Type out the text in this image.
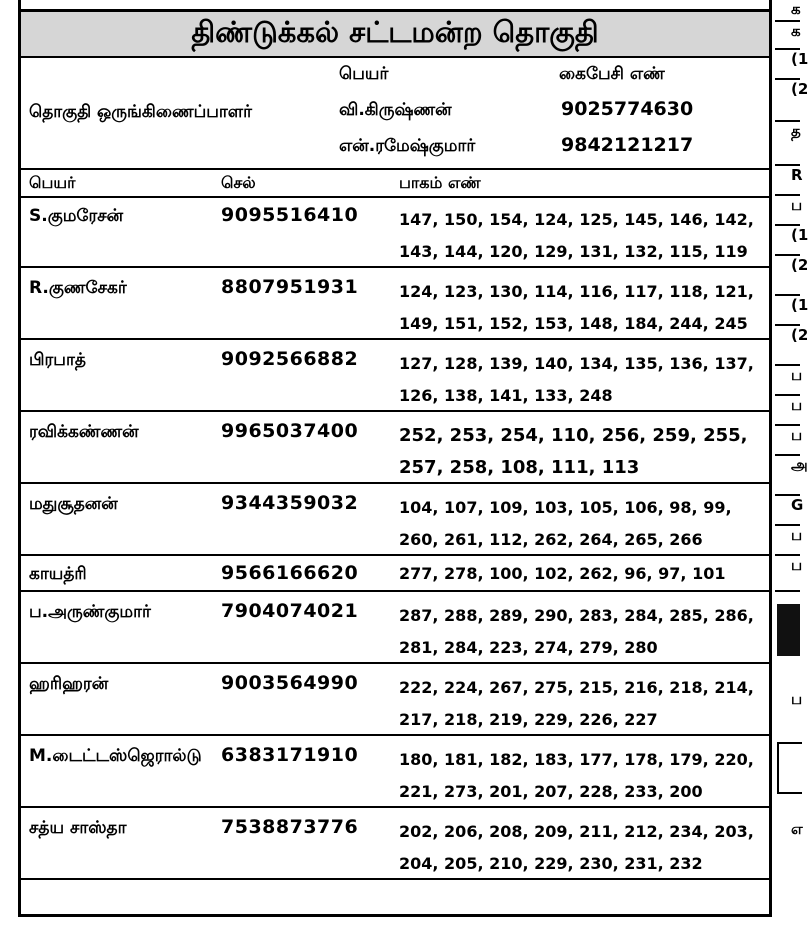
திண்டுக்கல் சட்டமன்ற தொகுதி
பெயர்	கைபேசி எண்
தொகுதி ஒருங்கிணைப்பாளர்	வி.கிருஷ்ணன்	9025774630
என்.ரமேஷ்குமார்	9842121217
பெயர்	செல்	பாகம் எண்
S.குமரேசன்	9095516410	147, 150, 154, 124, 125, 145, 146, 142, 143, 144, 120, 129, 131, 132, 115, 119
R.குணசேகர்	8807951931	124, 123, 130, 114, 116, 117, 118, 121, 149, 151, 152, 153, 148, 184, 244, 245
பிரபாத்	9092566882	127, 128, 139, 140, 134, 135, 136, 137, 126, 138, 141, 133, 248
ரவிக்கண்ணன்	9965037400 252, 253, 254, 110, 256, 259, 255, 257, 258, 108, 111, 113
மதுசூதனன்	9344359032	104, 107, 109, 103, 105, 106, 98, 99, 260, 261, 112, 262, 264, 265, 266
காயத்ரி	9566166620	277, 278, 100, 102, 262, 96, 97, 101
ப.அருண்குமார்	7904074021	287, 288, 289, 290, 283, 284, 285, 286, 281, 284, 223, 274, 279, 280
ஹரிஹரன்	9003564990	222, 224, 267, 275, 215, 216, 218, 214, 217, 218, 219, 229, 226, 227
M.டைட்டஸ்ஜெரால்டு 6383171910	180, 181, 182, 183, 177, 178, 179, 220, 221, 273, 201, 207, 228, 233, 200
சத்ய சாஸ்தா	7538873776	202, 206, 208, 209, 211, 212, 234, 203, 204, 205, 210, 229, 230, 231, 232
க
க
(1
(2
த
R
ப
(1
(2
(1
(2
ப
ப
ப
அ
G
ப
ப
ப
எ
